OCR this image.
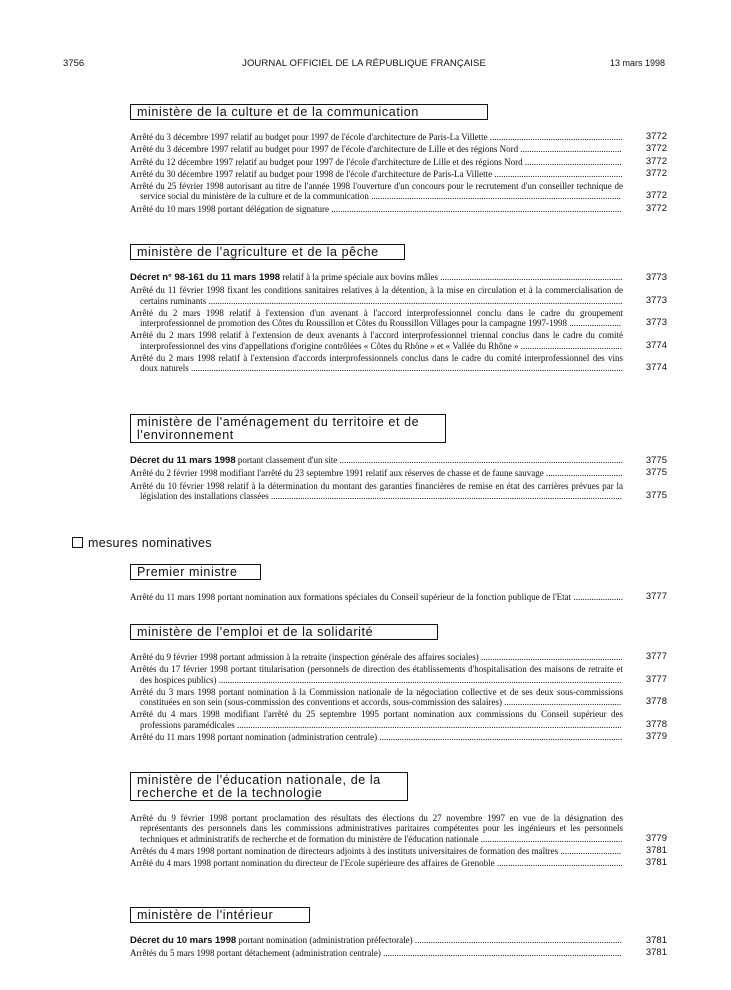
3756	JOURNAL OFFICIEL DE LA RÉPUBLIQUE FRANÇAISE	13 mars 1998
mesures nominatives
ministère de la culture et de la communication
Arrêté du 3 décembre 1997 relatif au budget pour 1997 de l'école d'architecture de Paris-La Villette ........................................................... 3772
Arrêté du 3 décembre 1997 relatif au budget pour 1997 de l'école d'architecture de Lille et des régions Nord .............................................	3772
Arrêté du 12 décembre 1997 relatif au budget pour 1997 de l'école d'architecture de Lille et des régions Nord ...........................................	3772
Arrêté du 30 décembre 1997 relatif au budget pour 1998 de l'école d'architecture de Paris-La Villette ......................................................... 3772
Arrêté du 25 février 1998 autorisant au titre de l'année 1998 l'ouverture d'un concours pour le recrutement d'un conseiller technique de service social du ministère de la culture et de la communication ...............................................................................................................	3772
Arrêté du 10 mars 1998 portant délégation de signature .................................................................................................................................	3772
ministère de l'agriculture et de la pêche
Décret n° 98-161 du 11 mars 1998 relatif à la prime spéciale aux bovins mâles ................................................................................. 3773
Arrêté du 11 février 1998 fixant les conditions sanitaires relatives à la détention, à la mise en circulation et à la commercialisation de certains ruminants ........................................................................................................................................................................................ 3773
Arrêté du 2 mars 1998 relatif à l'extension d'un avenant à l'accord interprofessionnel conclu dans le cadre du groupement interprofessionnel de promotion des Côtes du Roussillon et Côtes du Roussillon Villages pour la campagne 1997-1998 .......................	3773
Arrêté du 2 mars 1998 relatif à l'extension de deux avenants à l'accord interprofessionnel triennal conclus dans le cadre du comité interprofessionnel des vins d'appellations d'origine contrôlées « Côtes du Rhône » et « Vallée du Rhône » .............................................	3774
Arrêté du 2 mars 1998 relatif à l'extension d'accords interprofessionnels conclus dans le cadre du comité interprofessionnel des vins doux naturels ................................................................................................................................................................................................ 3774
ministère de l'aménagement du territoire et de l'environnement
Décret du 11 mars 1998 portant classement d'un site .............................................................................................................................. 3775
Arrêté du 2 février 1998 modifiant l'arrêté du 23 septembre 1991 relatif aux réserves de chasse et de faune sauvage .................................. 3775
Arrêté du 10 février 1998 relatif à la détermination du montant des garanties financières de remise en état des carrières prévues par la législation des installations classées ............................................................................................................................................................	3775
Premier ministre
Arrêté du 11 mars 1998 portant nomination aux formations spéciales du Conseil supérieur de la fonction publique de l'Etat ...................... 3777
ministère de l'emploi et de la solidarité
Arrêté du 9 février 1998 portant admission à la retraite (inspection générale des affaires sociales) ............................................................... 3777
Arrêtés du 17 février 1998 portant titularisation (personnels de direction des établissements d'hospitalisation des maisons de retraite et des hospices publics) ...................................................................................................................................................................................	3777
Arrêté du 3 mars 1998 portant nomination à la Commission nationale de la négociation collective et de ses deux sous-commissions constituées en son sein (sous-commission des conventions et accords, sous-commission des salaires) ....................................................	3778
Arrêté du 4 mars 1998 modifiant l'arrêté du 25 septembre 1995 portant nomination aux commissions du Conseil supérieur des professions paramédicales ...........................................................................................................................................................................	3778
Arrêté du 11 mars 1998 portant nomination (administration centrale) ............................................................................................................ 3779
ministère de l'éducation nationale, de la recherche et de la technologie
Arrêté du 9 février 1998 portant proclamation des résultats des élections du 27 novembre 1997 en vue de la désignation des représentants des personnels dans les commissions administratives paritaires compétentes pour les ingénieurs et les personnels techniques et administratifs de recherche et de formation du ministère de l'éducation nationale ............................................................... 3779
Arrêtés du 4 mars 1998 portant nomination de directeurs adjoints à des instituts universitaires de formation des maîtres ...........................	3781
Arrêté du 4 mars 1998 portant nomination du directeur de l'Ecole supérieure des affaires de Grenoble ........................................................ 3781
ministère de l'intérieur
Décret du 10 mars 1998 portant nomination (administration préfectorale) ............................................................................................	3781
Arrêtés du 5 mars 1998 portant détachement (administration centrale) ..........................................................................................................	3781
